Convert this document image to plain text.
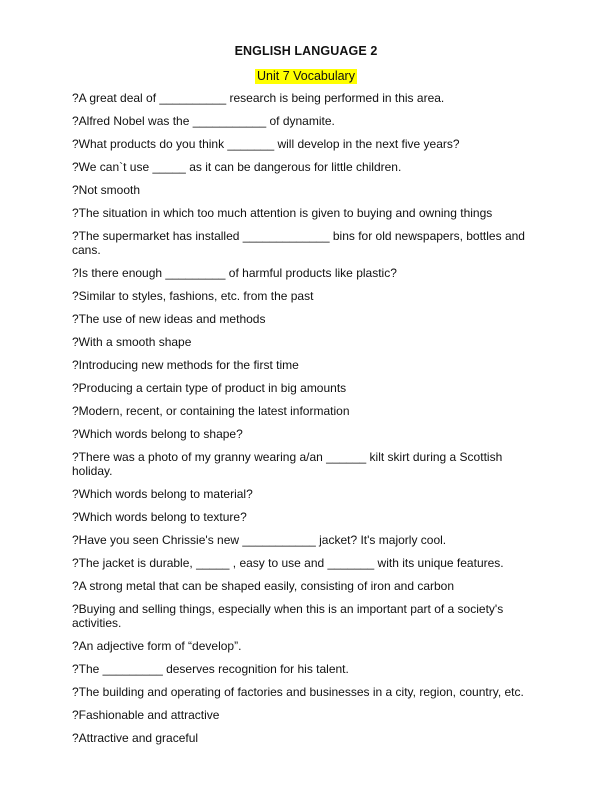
ENGLISH LANGUAGE 2
Unit 7 Vocabulary
?A great deal of __________ research is being performed in this area.
?Alfred Nobel was the ___________ of dynamite.
?What products do you think _______ will develop in the next five years?
?We can`t use _____ as it can be dangerous for little children.
?Not smooth
?The situation in which too much attention is given to buying and owning things
?The supermarket has installed _____________ bins for old newspapers, bottles and cans.
?Is there enough _________ of harmful products like plastic?
?Similar to styles, fashions, etc. from the past
?The use of new ideas and methods
?With a smooth shape
?Introducing new methods for the first time
?Producing a certain type of product in big amounts
?Modern, recent, or containing the latest information
?Which words belong to shape?
?There was a photo of my granny wearing a/an ______ kilt skirt during a Scottish holiday.
?Which words belong to material?
?Which words belong to texture?
?Have you seen Chrissie's new ___________ jacket? It's majorly cool.
?The jacket is durable, _____ , easy to use and _______ with its unique features.
?A strong metal that can be shaped easily, consisting of iron and carbon
?Buying and selling things, especially when this is an important part of a society's activities.
?An adjective form of “develop”.
?The _________ deserves recognition for his talent.
?The building and operating of factories and businesses in a city, region, country, etc.
?Fashionable and attractive
?Attractive and graceful
